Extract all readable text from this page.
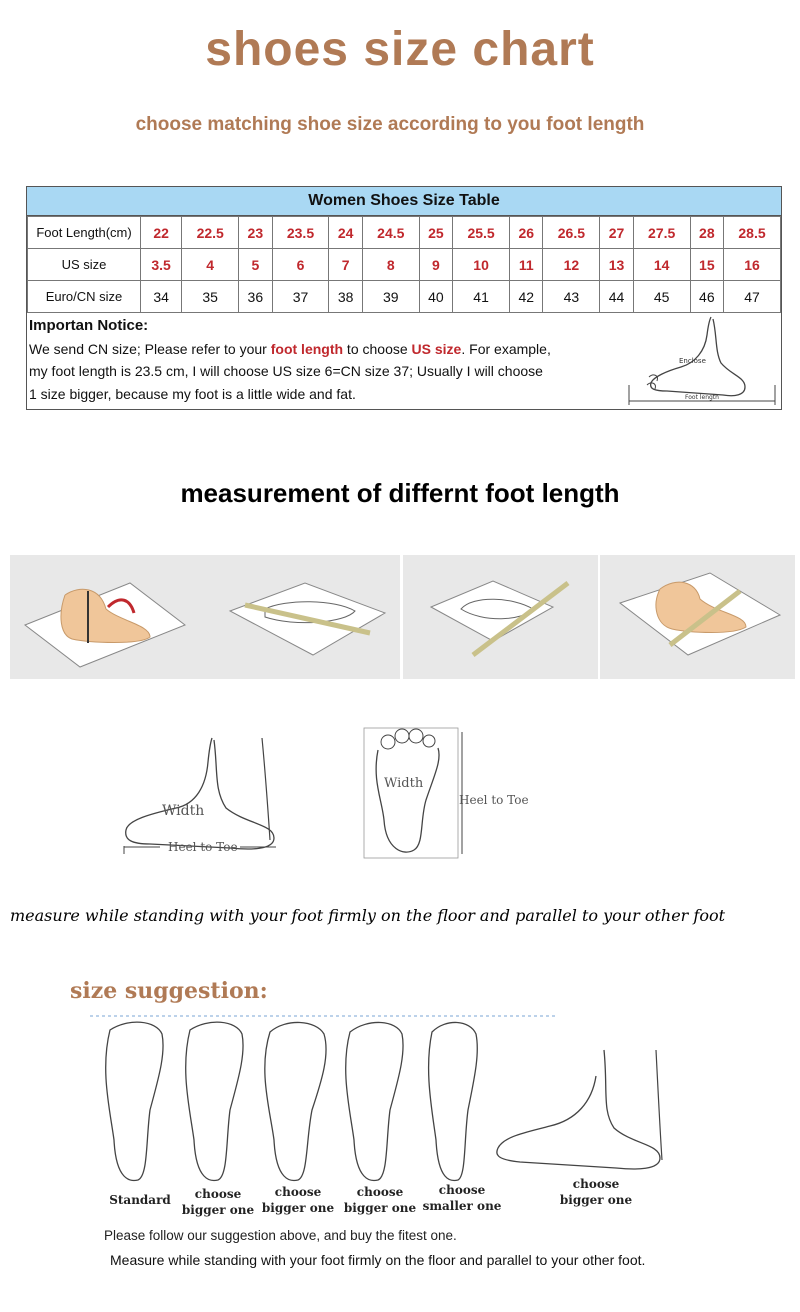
shoes size chart
choose matching shoe size according to you foot length
Women Shoes Size Table
Foot Length(cm)	22	22.5	23	23.5	24	24.5	25	25.5	26	26.5	27	27.5	28	28.5
US size	3.5	4	5	6	7	8	9	10	11	12	13	14	15	16
Euro/CN size	34	35	36	37	38	39	40	41	42	43	44	45	46	47
Importan Notice:
We send CN size; Please refer to your foot length to choose US size. For example,
my foot length is 23.5 cm, I will choose US size 6=CN size 37; Usually I will choose
1 size bigger, because my foot is a little wide and fat.
Enclose
Foot length
measurement of differnt foot length
Width
Heel to Toe
Width
Heel to Toe
measure while standing with your foot firmly on the floor and parallel to your other foot
size suggestion:
Standard	choose
bigger one
choose
bigger one
choose
bigger one
choose
smaller one
choose
bigger one
Please follow our suggestion above, and buy the fitest one.
Measure while standing with your foot firmly on the floor and parallel to your other foot.
